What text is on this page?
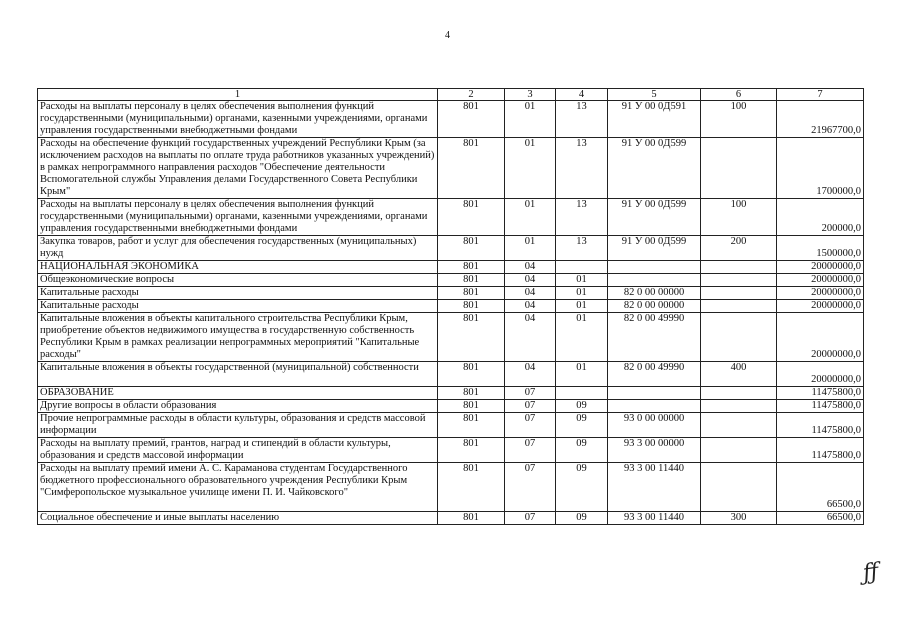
4
1	2	3	4	5	6	7
Расходы на выплаты персоналу в целях обеспечения выполнения функций государственными (муниципальными) органами, казенными учреждениями, органами управления государственными внебюджетными фондами	801	01	13	91 У 00 0Д591	100	21967700,0
Расходы на обеспечение функций государственных учреждений Республики Крым (за исключением расходов на выплаты по оплате труда работников указанных учреждений) в рамках непрограммного направления расходов "Обеспечение деятельности Вспомогательной службы Управления делами Государственного Совета Республики Крым"	801	01	13	91 У 00 0Д599		1700000,0
Расходы на выплаты персоналу в целях обеспечения выполнения функций государственными (муниципальными) органами, казенными учреждениями, органами управления государственными внебюджетными фондами	801	01	13	91 У 00 0Д599	100	200000,0
Закупка товаров, работ и услуг для обеспечения государственных (муниципальных) нужд	801	01	13	91 У 00 0Д599	200	1500000,0
НАЦИОНАЛЬНАЯ ЭКОНОМИКА	801	04				20000000,0
Общеэкономические вопросы	801	04	01			20000000,0
Капитальные расходы	801	04	01	82 0 00 00000		20000000,0
Капитальные расходы	801	04	01	82 0 00 00000		20000000,0
Капитальные вложения в объекты капитального строительства Республики Крым, приобретение объектов недвижимого имущества в государственную собственность Республики Крым в рамках реализации непрограммных мероприятий "Капитальные расходы"	801	04	01	82 0 00 49990		20000000,0
Капитальные вложения в объекты государственной (муниципальной) собственности	801	04	01	82 0 00 49990	400	20000000,0
ОБРАЗОВАНИЕ	801	07				11475800,0
Другие вопросы в области образования	801	07	09			11475800,0
Прочие непрограммные расходы в области культуры, образования и средств массовой информации	801	07	09	93 0 00 00000		11475800,0
Расходы на выплату премий, грантов, наград и стипендий в области культуры, образования и средств массовой информации	801	07	09	93 3 00 00000		11475800,0
Расходы на выплату премий имени А. С. Караманова студентам Государственного бюджетного профессионального образовательного учреждения Республики Крым "Симферопольское музыкальное училище имени П. И. Чайковского"	801	07	09	93 3 00 11440		66500,0
Социальное обеспечение и иные выплаты населению	801	07	09	93 3 00 11440	300	66500,0
ƒƒ
